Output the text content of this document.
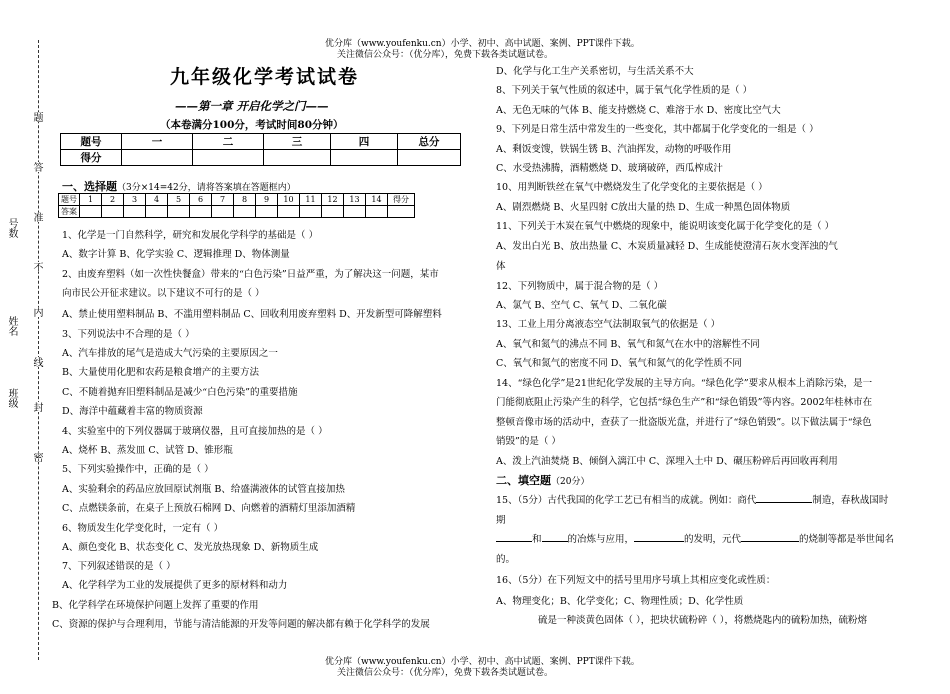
优分库（www.youfenku.cn）小学、初中、高中试题、案例、PPT课件下载。
关注微信公众号：（优分库），免费下载各类试题试卷。
优分库（www.youfenku.cn）小学、初中、高中试题、案例、PPT课件下载。
关注微信公众号：（优分库），免费下载各类试题试卷。
题
答
准
不
内
线
封
密
号数
姓名
班级
九年级化学考试试卷
——第一章 开启化学之门——
（本卷满分100分，考试时间80分钟）
题号	一	二	三	四	总分
得分					
一、选择题（3分×14=42分，请将答案填在答题框内）
题号	1	2	3	4	5	6	7	8	9	10	11	12	13	14	得分
答案															
1、化学是一门自然科学，研究和发展化学科学的基础是（ ）
A、数字计算 B、化学实验 C、逻辑推理 D、物体测量
2、由废弃塑料（如一次性快餐盒）带来的“白色污染”日益严重，为了解决这一问题，某市
向市民公开征求建议。以下建议不可行的是（ ）
A、禁止使用塑料制品 B、不滥用塑料制品 C、回收利用废弃塑料 D、开发新型可降解塑料
3、下列说法中不合理的是（ ）
A、汽车排放的尾气是造成大气污染的主要原因之一
B、大量使用化肥和农药是粮食增产的主要方法
C、不随着抛弃旧塑料制品是减少“白色污染”的重要措施
D、海洋中蕴藏着丰富的物质资源
4、实验室中的下列仪器属于玻璃仪器，且可直接加热的是（ ）
A、烧杯 B、蒸发皿 C、试管 D、锥形瓶
5、下列实验操作中，正确的是（ ）
A、实验剩余的药品应放回原试剂瓶 B、给盛满液体的试管直接加热
C、点燃镁条前，在桌子上预放石棉网 D、向燃着的酒精灯里添加酒精
6、物质发生化学变化时，一定有（ ）
A、颜色变化 B、状态变化 C、发光放热现象 D、新物质生成
7、下列叙述错误的是（ ）
A、化学科学为工业的发展提供了更多的原材料和动力
B、化学科学在环境保护问题上发挥了重要的作用
C、资源的保护与合理利用，节能与清洁能源的开发等问题的解决都有赖于化学科学的发展
D、化学与化工生产关系密切，与生活关系不大
8、下列关于氧气性质的叙述中，属于氧气化学性质的是（ ）
A、无色无味的气体 B、能支持燃烧 C、难溶于水 D、密度比空气大
9、下列是日常生活中常发生的一些变化，其中都属于化学变化的一组是（ ）
A、剩饭变馊，铁锅生锈 B、汽油挥发，动物的呼吸作用
C、水受热沸腾，酒精燃烧 D、玻璃破碎，西瓜榨成汁
10、用判断铁丝在氧气中燃烧发生了化学变化的主要依据是（ ）
A、剧烈燃烧 B、火星四射 C放出大量的热 D、生成一种黑色固体物质
11、下列关于木炭在氧气中燃烧的现象中，能说明该变化属于化学变化的是（ ）
A、发出白光 B、放出热量 C、木炭质量减轻 D、生成能使澄清石灰水变浑浊的气
体
12、下列物质中，属于混合物的是（ ）
A、氯气 B、空气 C、氧气 D、二氧化碳
13、工业上用分离液态空气法制取氧气的依据是（ ）
A、氧气和氮气的沸点不同 B、氧气和氮气在水中的溶解性不同
C、氧气和氮气的密度不同 D、氧气和氮气的化学性质不同
14、“绿色化学”是21世纪化学发展的主导方向。“绿色化学”要求从根本上消除污染，是一
门能彻底阻止污染产生的科学，它包括“绿色生产”和“绿色销毁”等内容。2002年桂林市在
整顿音像市场的活动中，查获了一批盗版光盘，并进行了“绿色销毁”。以下做法属于“绿色
销毁”的是（ ）
A、泼上汽油焚烧 B、倾倒入漓江中 C、深埋入土中 D、碾压粉碎后再回收再利用
二、填空题（20分）
15、（5分）古代我国的化学工艺已有相当的成就。例如：商代	制造，春秋战国时
期
和	的冶炼与应用，	的发明，元代	的烧制等都是举世闻名
的。
16、（5分）在下列短文中的括号里用序号填上其相应变化或性质：
A、物理变化；B、化学变化；C、物理性质；D、化学性质
硫是一种淡黄色固体（ ），把块状硫粉碎（ ），将燃烧匙内的硫粉加热，硫粉熔
